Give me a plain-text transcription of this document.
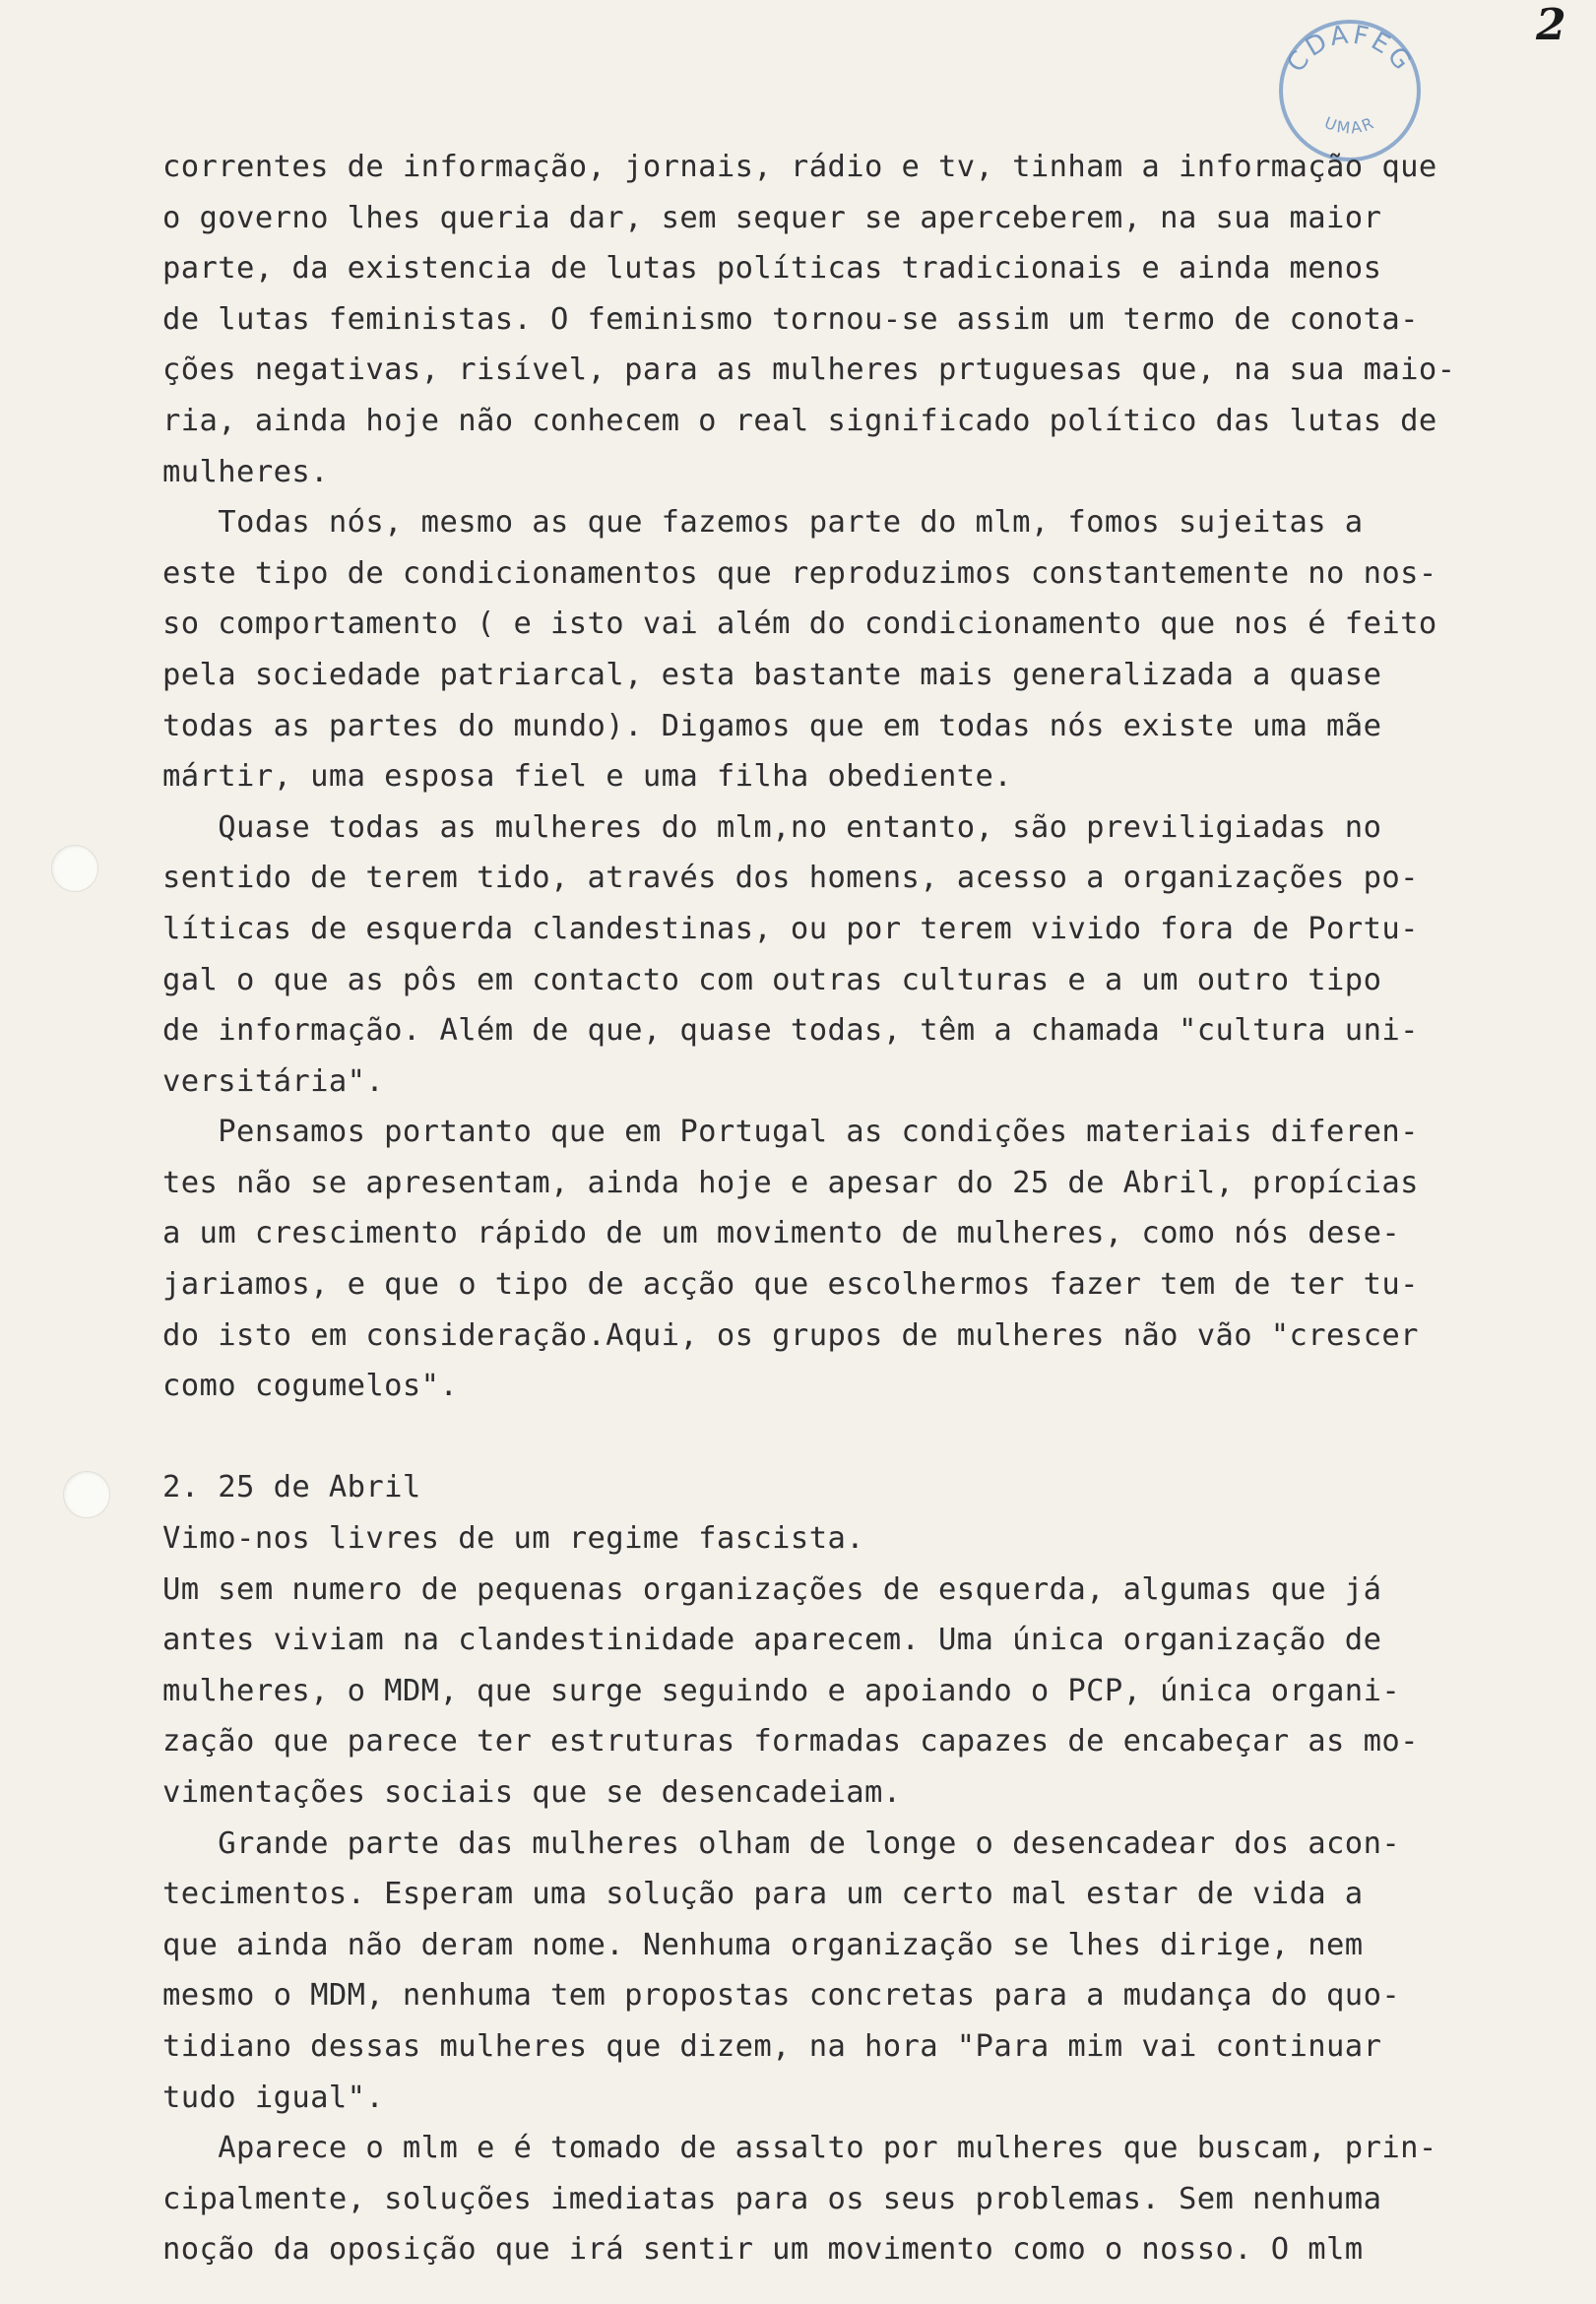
2
CDAFEG
UMAR
correntes de informação, jornais, rádio e tv, tinham a informação que
o governo lhes queria dar, sem sequer se aperceberem, na sua maior
parte, da existencia de lutas políticas tradicionais e ainda menos
de lutas feministas. O feminismo tornou-se assim um termo de conota-
ções negativas, risível, para as mulheres prtuguesas que, na sua maio-
ria, ainda hoje não conhecem o real significado político das lutas de
mulheres.
Todas nós, mesmo as que fazemos parte do mlm, fomos sujeitas a
este tipo de condicionamentos que reproduzimos constantemente no nos-
so comportamento ( e isto vai além do condicionamento que nos é feito
pela sociedade patriarcal, esta bastante mais generalizada a quase
todas as partes do mundo). Digamos que em todas nós existe uma mãe
mártir, uma esposa fiel e uma filha obediente.
Quase todas as mulheres do mlm,no entanto, são previligiadas no
sentido de terem tido, através dos homens, acesso a organizações po-
líticas de esquerda clandestinas, ou por terem vivido fora de Portu-
gal o que as pôs em contacto com outras culturas e a um outro tipo
de informação. Além de que, quase todas, têm a chamada "cultura uni-
versitária".
Pensamos portanto que em Portugal as condições materiais diferen-
tes não se apresentam, ainda hoje e apesar do 25 de Abril, propícias
a um crescimento rápido de um movimento de mulheres, como nós dese-
jariamos, e que o tipo de acção que escolhermos fazer tem de ter tu-
do isto em consideração.Aqui, os grupos de mulheres não vão "crescer
como cogumelos".
2. 25 de Abril
Vimo-nos livres de um regime fascista.
Um sem numero de pequenas organizações de esquerda, algumas que já
antes viviam na clandestinidade aparecem. Uma única organização de
mulheres, o MDM, que surge seguindo e apoiando o PCP, única organi-
zação que parece ter estruturas formadas capazes de encabeçar as mo-
vimentações sociais que se desencadeiam.
Grande parte das mulheres olham de longe o desencadear dos acon-
tecimentos. Esperam uma solução para um certo mal estar de vida a
que ainda não deram nome. Nenhuma organização se lhes dirige, nem
mesmo o MDM, nenhuma tem propostas concretas para a mudança do quo-
tidiano dessas mulheres que dizem, na hora "Para mim vai continuar
tudo igual".
Aparece o mlm e é tomado de assalto por mulheres que buscam, prin-
cipalmente, soluções imediatas para os seus problemas. Sem nenhuma
noção da oposição que irá sentir um movimento como o nosso. O mlm
